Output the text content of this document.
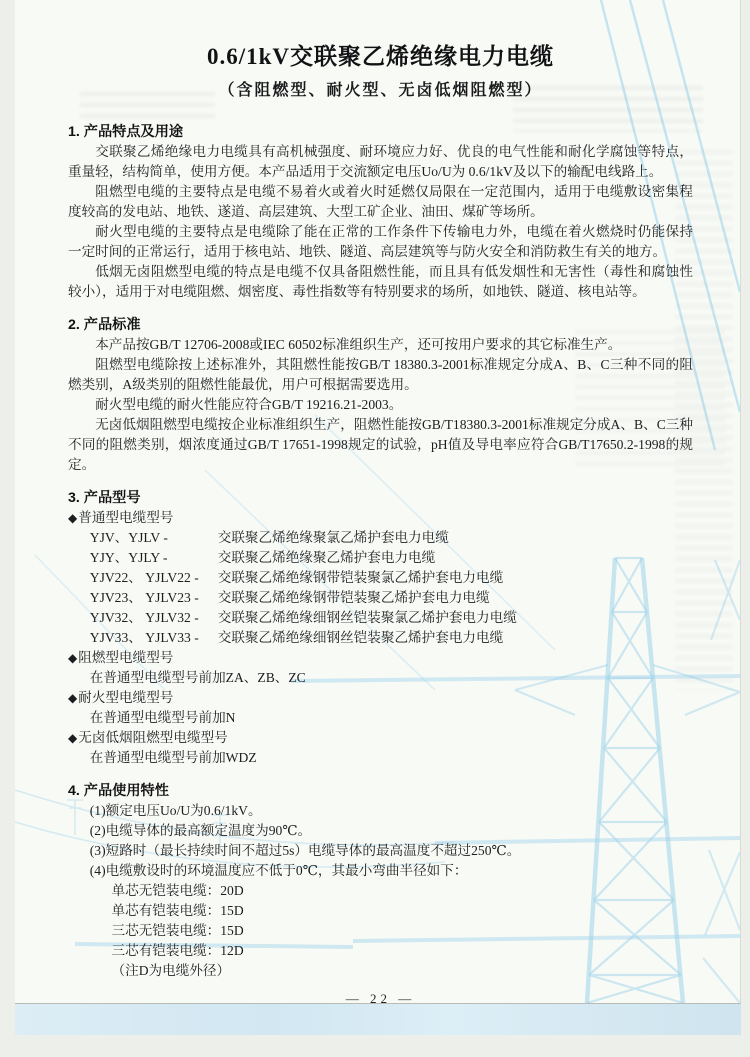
0.6/1kV交联聚乙烯绝缘电力电缆
（含阻燃型、耐火型、无卤低烟阻燃型）
1. 产品特点及用途

交联聚乙烯绝缘电力电缆具有高机械强度、耐环境应力好、优良的电气性能和耐化学腐蚀等特点，重量轻，结构简单，使用方便。本产品适用于交流额定电压Uo/U为 0.6/1kV及以下的输配电线路上。

阻燃型电缆的主要特点是电缆不易着火或着火时延燃仅局限在一定范围内，适用于电缆敷设密集程度较高的发电站、地铁、遂道、高层建筑、大型工矿企业、油田、煤矿等场所。

耐火型电缆的主要特点是电缆除了能在正常的工作条件下传输电力外，电缆在着火燃烧时仍能保持一定时间的正常运行，适用于核电站、地铁、隧道、高层建筑等与防火安全和消防救生有关的地方。

低烟无卤阻燃型电缆的特点是电缆不仅具备阻燃性能，而且具有低发烟性和无害性（毒性和腐蚀性较小），适用于对电缆阻燃、烟密度、毒性指数等有特别要求的场所，如地铁、隧道、核电站等。

2. 产品标准

本产品按GB/T 12706-2008或IEC 60502标准组织生产，还可按用户要求的其它标准生产。

阻燃型电缆除按上述标准外，其阻燃性能按GB/T 18380.3-2001标准规定分成A、B、C三种不同的阻燃类别，A级类别的阻燃性能最优，用户可根据需要选用。

耐火型电缆的耐火性能应符合GB/T 19216.21-2003。

无卤低烟阻燃型电缆按企业标准组织生产，阻燃性能按GB/T18380.3-2001标准规定分成A、B、C三种不同的阻燃类别，烟浓度通过GB/T 17651-1998规定的试验，pH值及导电率应符合GB/T17650.2-1998的规定。

3. 产品型号
◆普通型电缆型号
YJV、YJLV -	交联聚乙烯绝缘聚氯乙烯护套电力电缆
YJY、YJLY -	交联聚乙烯绝缘聚乙烯护套电力电缆
YJV22、 YJLV22 -	交联聚乙烯绝缘钢带铠装聚氯乙烯护套电力电缆
YJV23、 YJLV23 -	交联聚乙烯绝缘钢带铠装聚乙烯护套电力电缆
YJV32、 YJLV32 -	交联聚乙烯绝缘细钢丝铠装聚氯乙烯护套电力电缆
YJV33、 YJLV33 -	交联聚乙烯绝缘细钢丝铠装聚乙烯护套电力电缆
◆阻燃型电缆型号
在普通型电缆型号前加ZA、ZB、ZC
◆耐火型电缆型号
在普通型电缆型号前加N
◆无卤低烟阻燃型电缆型号
在普通型电缆型号前加WDZ
4. 产品使用特性
(1)额定电压Uo/U为0.6/1kV。
(2)电缆导体的最高额定温度为90℃。
(3)短路时（最长持续时间不超过5s）电缆导体的最高温度不超过250℃。
(4)电缆敷设时的环境温度应不低于0℃，其最小弯曲半径如下：
单芯无铠装电缆：20D
单芯有铠装电缆：15D
三芯无铠装电缆：15D
三芯有铠装电缆：12D
（注D为电缆外径）
— 22 —
